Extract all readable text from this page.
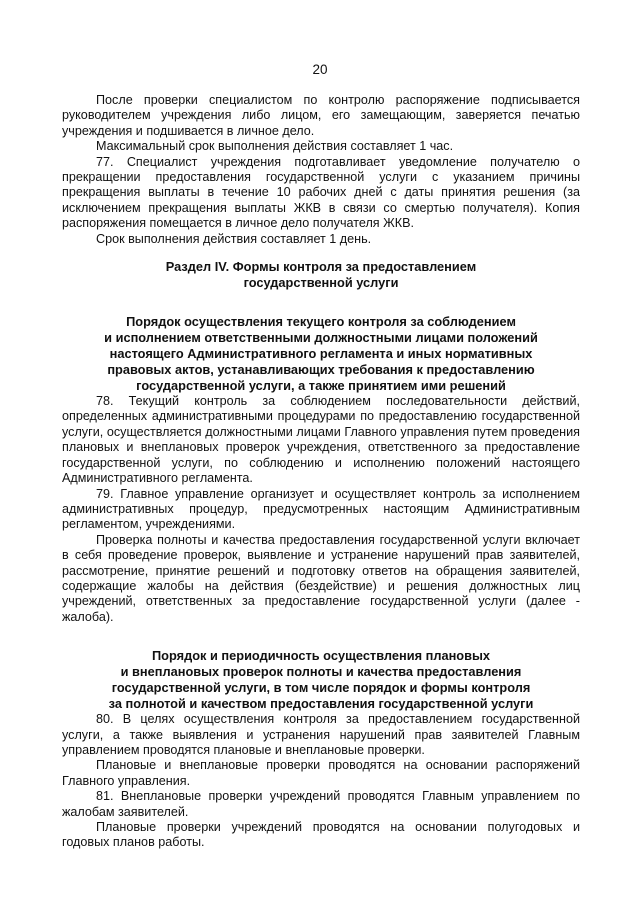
20

После проверки специалистом по контролю распоряжение подписывается руководителем учреждения либо лицом, его замещающим, заверяется печатью учреждения и подшивается в личное дело.

Максимальный срок выполнения действия составляет 1 час.

77. Специалист учреждения подготавливает уведомление получателю о прекращении предоставления государственной услуги с указанием причины прекращения выплаты в течение 10 рабочих дней с даты принятия решения (за исключением прекращения выплаты ЖКВ в связи со смертью получателя). Копия распоряжения помещается в личное дело получателя ЖКВ.

Срок выполнения действия составляет 1 день.

Раздел IV. Формы контроля за предоставлением
государственной услуги
Порядок осуществления текущего контроля за соблюдением
и исполнением ответственными должностными лицами положений
настоящего Административного регламента и иных нормативных
правовых актов, устанавливающих требования к предоставлению
государственной услуги, а также принятием ими решений

78. Текущий контроль за соблюдением последовательности действий, определенных административными процедурами по предоставлению государственной услуги, осуществляется должностными лицами Главного управления путем проведения плановых и внеплановых проверок учреждения, ответственного за предоставление государственной услуги, по соблюдению и исполнению положений настоящего Административного регламента.

79. Главное управление организует и осуществляет контроль за исполнением административных процедур, предусмотренных настоящим Административным регламентом, учреждениями.

Проверка полноты и качества предоставления государственной услуги включает в себя проведение проверок, выявление и устранение нарушений прав заявителей, рассмотрение, принятие решений и подготовку ответов на обращения заявителей, содержащие жалобы на действия (бездействие) и решения должностных лиц учреждений, ответственных за предоставление государственной услуги (далее - жалоба).

Порядок и периодичность осуществления плановых
и внеплановых проверок полноты и качества предоставления
государственной услуги, в том числе порядок и формы контроля
за полнотой и качеством предоставления государственной услуги

80. В целях осуществления контроля за предоставлением государственной услуги, а также выявления и устранения нарушений прав заявителей Главным управлением проводятся плановые и внеплановые проверки.

Плановые и внеплановые проверки проводятся на основании распоряжений Главного управления.

81. Внеплановые проверки учреждений проводятся Главным управлением по жалобам заявителей.

Плановые проверки учреждений проводятся на основании полугодовых и годовых планов работы.
